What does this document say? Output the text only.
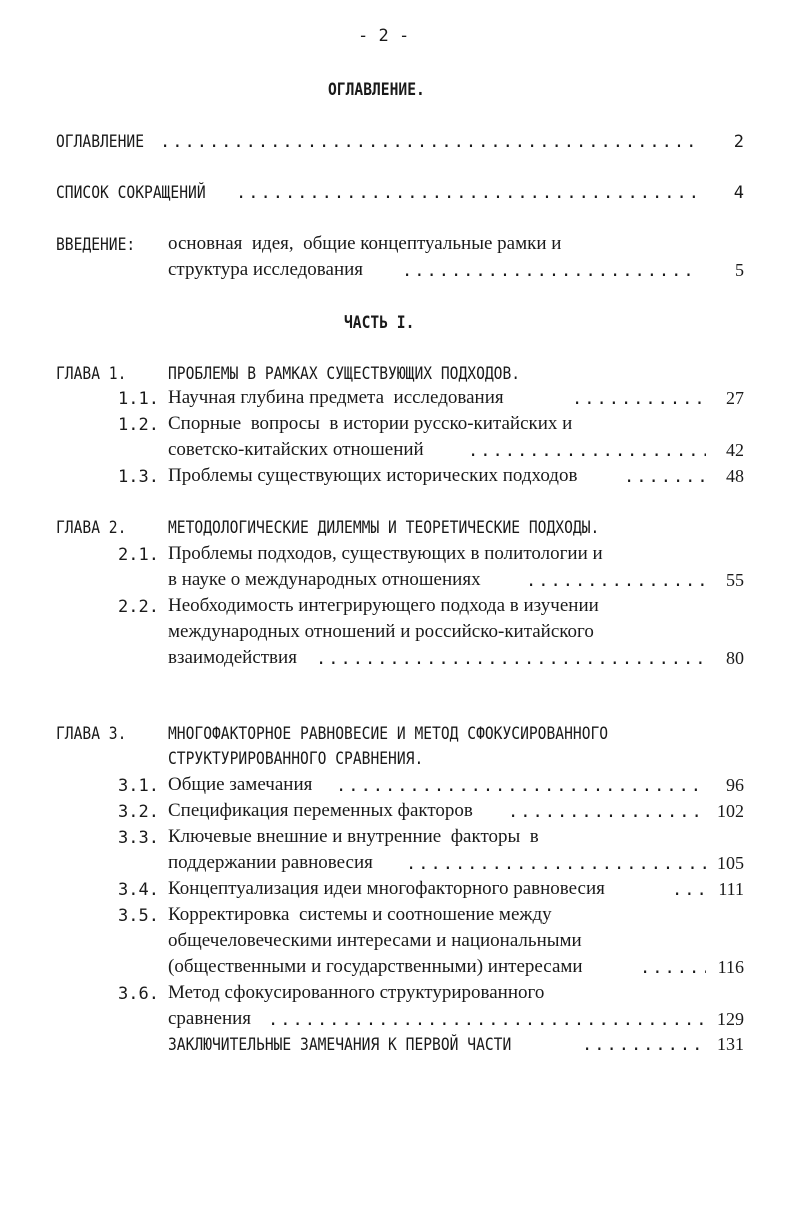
- 2 -
ОГЛАВЛЕНИЕ.
ОГЛАВЛЕНИЕ .....	2
СПИСОК СОКРАЩЕНИЙ .....	4
ВВЕДЕНИЕ: основная  идея,  общие концептуальные рамки и
структура исследования .....	5
ЧАСТЬ I.
ГЛАВА 1. ПРОБЛЕМЫ В РАМКАХ СУЩЕСТВУЮЩИХ ПОДХОДОВ.
1.1. Научная глубина предмета  исследования .....	27
1.2. Спорные  вопросы  в истории русско-китайских и
советско-китайских отношений .....	42
1.3. Проблемы существующих исторических подходов .....	48
ГЛАВА 2. МЕТОДОЛОГИЧЕСКИЕ ДИЛЕММЫ И ТЕОРЕТИЧЕСКИЕ ПОДХОДЫ.
2.1. Проблемы подходов, существующих в политологии и
в науке о международных отношениях .....	55
2.2. Необходимость интегрирующего подхода в изучении
международных отношений и российско-китайского
взаимодействия .....	80
ГЛАВА 3. МНОГОФАКТОРНОЕ РАВНОВЕСИЕ И МЕТОД СФОКУСИРОВАННОГО
СТРУКТУРИРОВАННОГО СРАВНЕНИЯ.
3.1. Общие замечания .....	96
3.2. Спецификация переменных факторов .....	102
3.3. Ключевые внешние и внутренние  факторы  в
поддержании равновесия .....	105
3.4. Концептуализация идеи многофакторного равновесия .....	111
3.5. Корректировка  системы и соотношение между
общечеловеческими интересами и национальными
(общественными и государственными) интересами .....	116
3.6. Метод сфокусированного структурированного
сравнения .....	129
ЗАКЛЮЧИТЕЛЬНЫЕ ЗАМЕЧАНИЯ К ПЕРВОЙ ЧАСТИ .....	131
